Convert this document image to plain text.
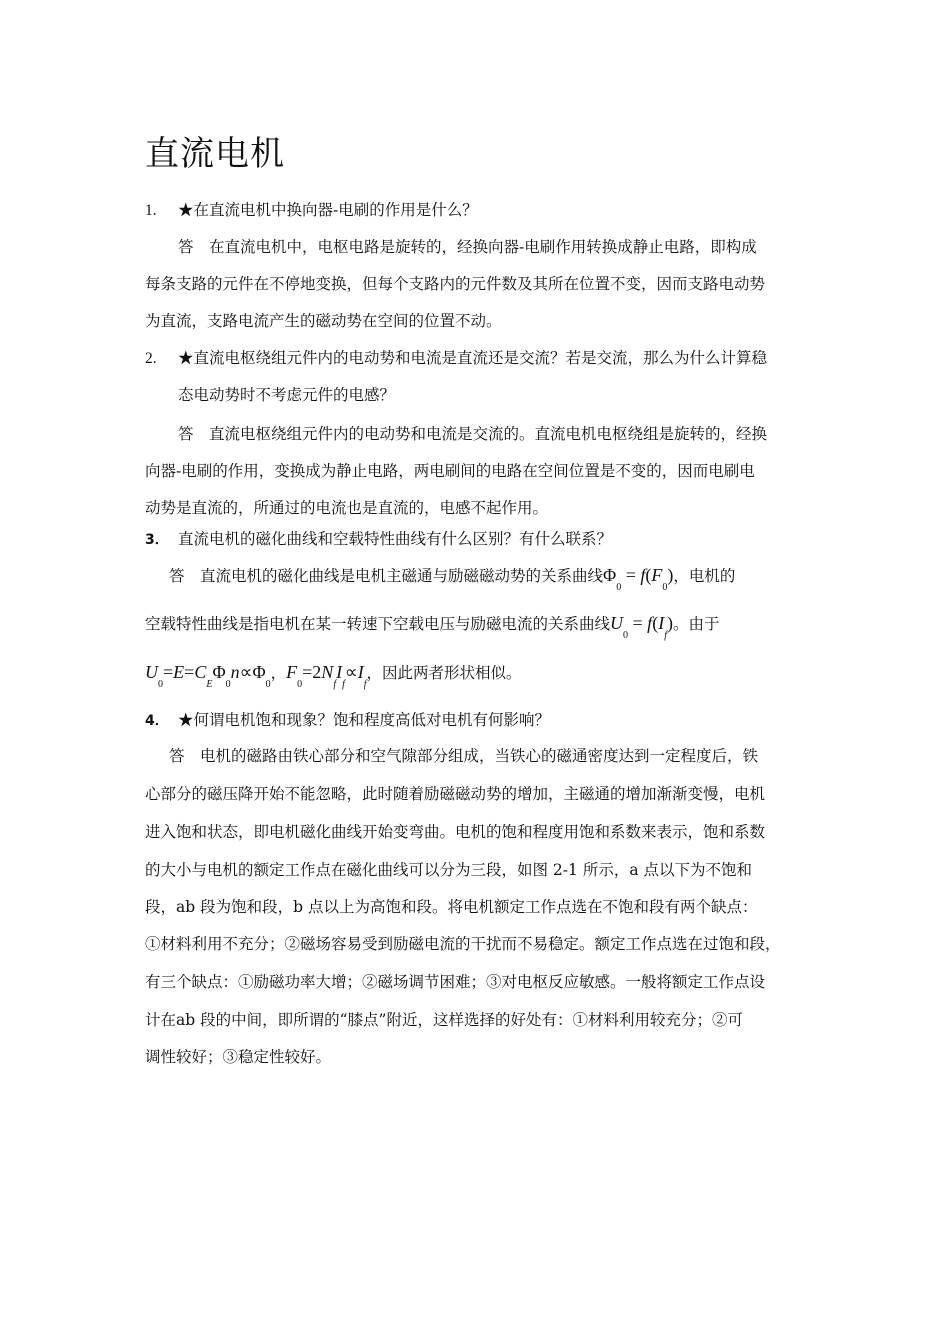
直流电机
1. ★在直流电机中换向器-电刷的作用是什么？
答　在直流电机中，电枢电路是旋转的，经换向器-电刷作用转换成静止电路，即构成
每条支路的元件在不停地变换，但每个支路内的元件数及其所在位置不变，因而支路电动势
为直流，支路电流产生的磁动势在空间的位置不动。
2. ★直流电枢绕组元件内的电动势和电流是直流还是交流？若是交流，那么为什么计算稳
态电动势时不考虑元件的电感？
答　直流电枢绕组元件内的电动势和电流是交流的。直流电机电枢绕组是旋转的，经换
向器-电刷的作用，变换成为静止电路，两电刷间的电路在空间位置是不变的，因而电刷电
动势是直流的，所通过的电流也是直流的，电感不起作用。
3． 直流电机的磁化曲线和空载特性曲线有什么区别？有什么联系？
答　直流电机的磁化曲线是电机主磁通与励磁磁动势的关系曲线$\Phi_0 = f(F_0)$，电机的
空载特性曲线是指电机在某一转速下空载电压与励磁电流的关系曲线$U_0 = f(I_f)$。由于
$U_0=E=C_E\Phi_0n\propto\Phi_0$，$F_0=2N_fI_f\propto I_f$，因此两者形状相似。
4． ★何谓电机饱和现象？饱和程度高低对电机有何影响？
答　电机的磁路由铁心部分和空气隙部分组成，当铁心的磁通密度达到一定程度后，铁
心部分的磁压降开始不能忽略，此时随着励磁磁动势的增加，主磁通的增加渐渐变慢，电机
进入饱和状态，即电机磁化曲线开始变弯曲。电机的饱和程度用饱和系数来表示，饱和系数
的大小与电机的额定工作点在磁化曲线可以分为三段，如图 2-1 所示，a 点以下为不饱和
段，ab 段为饱和段，b 点以上为高饱和段。将电机额定工作点选在不饱和段有两个缺点：
①材料利用不充分；②磁场容易受到励磁电流的干扰而不易稳定。额定工作点选在过饱和段，
有三个缺点：①励磁功率大增；②磁场调节困难；③对电枢反应敏感。一般将额定工作点设
计在ab 段的中间，即所谓的“膝点”附近，这样选择的好处有：①材料利用较充分；②可
调性较好；③稳定性较好。
